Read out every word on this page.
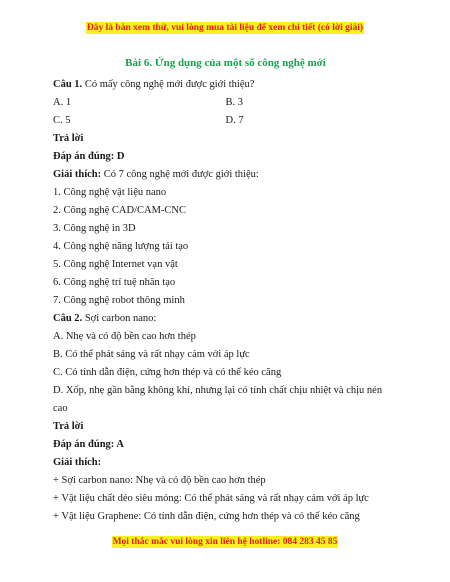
Đây là bản xem thử, vui lòng mua tài liệu để xem chi tiết (có lời giải)
Bài 6. Ứng dụng của một số công nghệ mới
Câu 1. Có mấy công nghệ mới được giới thiệu?
A. 1	B. 3
C. 5	D. 7
Trả lời
Đáp án đúng: D
Giải thích: Có 7 công nghệ mới được giới thiệu:
1. Công nghệ vật liệu nano
2. Công nghệ CAD/CAM-CNC
3. Công nghệ in 3D
4. Công nghệ năng lượng tái tạo
5. Công nghệ Internet vạn vật
6. Công nghệ trí tuệ nhân tạo
7. Công nghệ robot thông minh
Câu 2. Sợi carbon nano:
A. Nhẹ và có độ bền cao hơn thép
B. Có thể phát sáng và rất nhạy cảm với áp lực
C. Có tính dẫn điện, cứng hơn thép và có thể kéo căng
D. Xốp, nhẹ gần bằng không khí, nhưng lại có tính chất chịu nhiệt và chịu nén cao
Trả lời
Đáp án đúng: A
Giải thích:
+ Sợi carbon nano: Nhẹ và có độ bền cao hơn thép
+ Vật liệu chất dẻo siêu mỏng: Có thể phát sáng và rất nhạy cảm với áp lực
+ Vật liệu Graphene: Có tính dẫn điện, cứng hơn thép và có thể kéo căng
Mọi thắc mắc vui lòng xin liên hệ hotline: 084 283 45 85
